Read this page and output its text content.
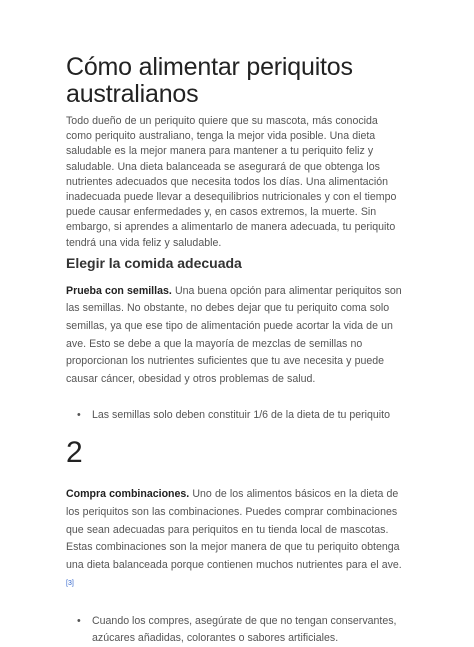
Cómo alimentar periquitos australianos

Todo dueño de un periquito quiere que su mascota, más conocida como periquito australiano, tenga la mejor vida posible. Una dieta saludable es la mejor manera para mantener a tu periquito feliz y saludable. Una dieta balanceada se asegurará de que obtenga los nutrientes adecuados que necesita todos los días. Una alimentación inadecuada puede llevar a desequilibrios nutricionales y con el tiempo puede causar enfermedades y, en casos extremos, la muerte. Sin embargo, si aprendes a alimentarlo de manera adecuada, tu periquito tendrá una vida feliz y saludable.

Elegir la comida adecuada

Prueba con semillas. Una buena opción para alimentar periquitos son las semillas. No obstante, no debes dejar que tu periquito coma solo semillas, ya que ese tipo de alimentación puede acortar la vida de un ave. Esto se debe a que la mayoría de mezclas de semillas no proporcionan los nutrientes suficientes que tu ave necesita y puede causar cáncer, obesidad y otros problemas de salud.

• Las semillas solo deben constituir 1/6 de la dieta de tu periquito
2

Compra combinaciones. Uno de los alimentos básicos en la dieta de los periquitos son las combinaciones. Puedes comprar combinaciones que sean adecuadas para periquitos en tu tienda local de mascotas. Estas combinaciones son la mejor manera de que tu periquito obtenga una dieta balanceada porque contienen muchos nutrientes para el ave.[3]

• Cuando los compres, asegúrate de que no tengan conservantes, azúcares añadidas, colorantes o sabores artificiales.
